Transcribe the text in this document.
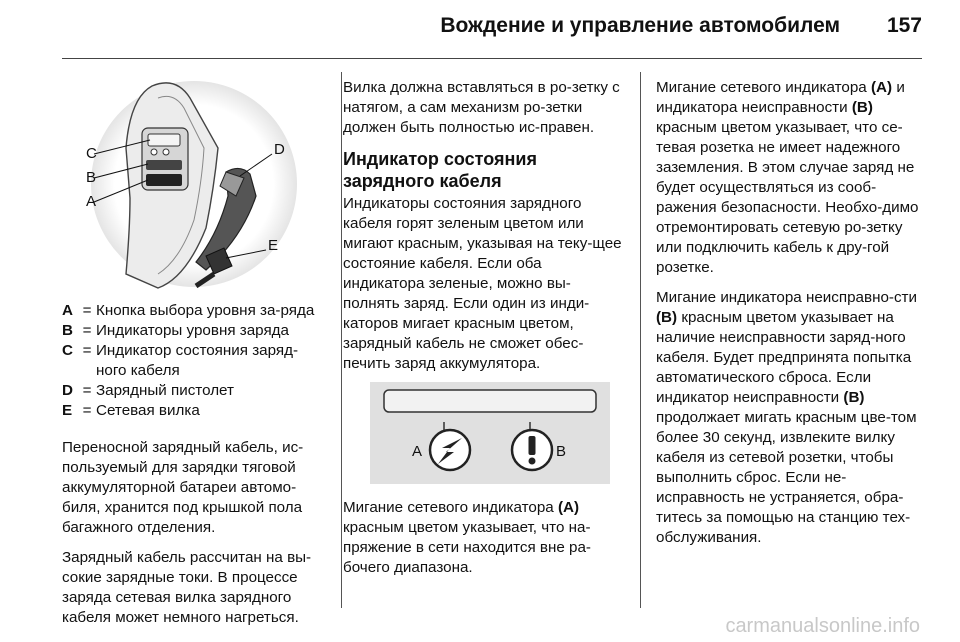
Вождение и управление автомобилем 157
C
B
A
D
E
A = Кнопка выбора уровня за-ряда
B = Индикаторы уровня заряда
C = Индикатор состояния заряд-ного кабеля
D = Зарядный пистолет
E = Сетевая вилка

Переносной зарядный кабель, ис-пользуемый для зарядки тяговой аккумуляторной батареи автомо-биля, хранится под крышкой пола багажного отделения.

Зарядный кабель рассчитан на вы-сокие зарядные токи. В процессе заряда сетевая вилка зарядного кабеля может немного нагреться.

Вилка должна вставляться в ро-зетку с натягом, а сам механизм ро-зетки должен быть полностью ис-правен.

Индикатор состояния зарядного кабеля

Индикаторы состояния зарядного кабеля горят зеленым цветом или мигают красным, указывая на теку-щее состояние кабеля. Если оба индикатора зеленые, можно вы-полнять заряд. Если один из инди-каторов мигает красным цветом, зарядный кабель не сможет обес-печить заряд аккумулятора.

A	B

Мигание сетевого индикатора (A) красным цветом указывает, что на-пряжение в сети находится вне ра-бочего диапазона.

Мигание сетевого индикатора (A) и индикатора неисправности (B) красным цветом указывает, что се-тевая розетка не имеет надежного заземления. В этом случае заряд не будет осуществляться из сооб-ражения безопасности. Необхо-димо отремонтировать сетевую ро-зетку или подключить кабель к дру-гой розетке.

Мигание индикатора неисправно-сти (B) красным цветом указывает на наличие неисправности заряд-ного кабеля. Будет предпринята попытка автоматического сброса. Если индикатор неисправности (B) продолжает мигать красным цве-том более 30 секунд, извлеките вилку кабеля из сетевой розетки, чтобы выполнить сброс. Если не-исправность не устраняется, обра-титесь за помощью на станцию тех-обслуживания.

carmanualsonline.info
